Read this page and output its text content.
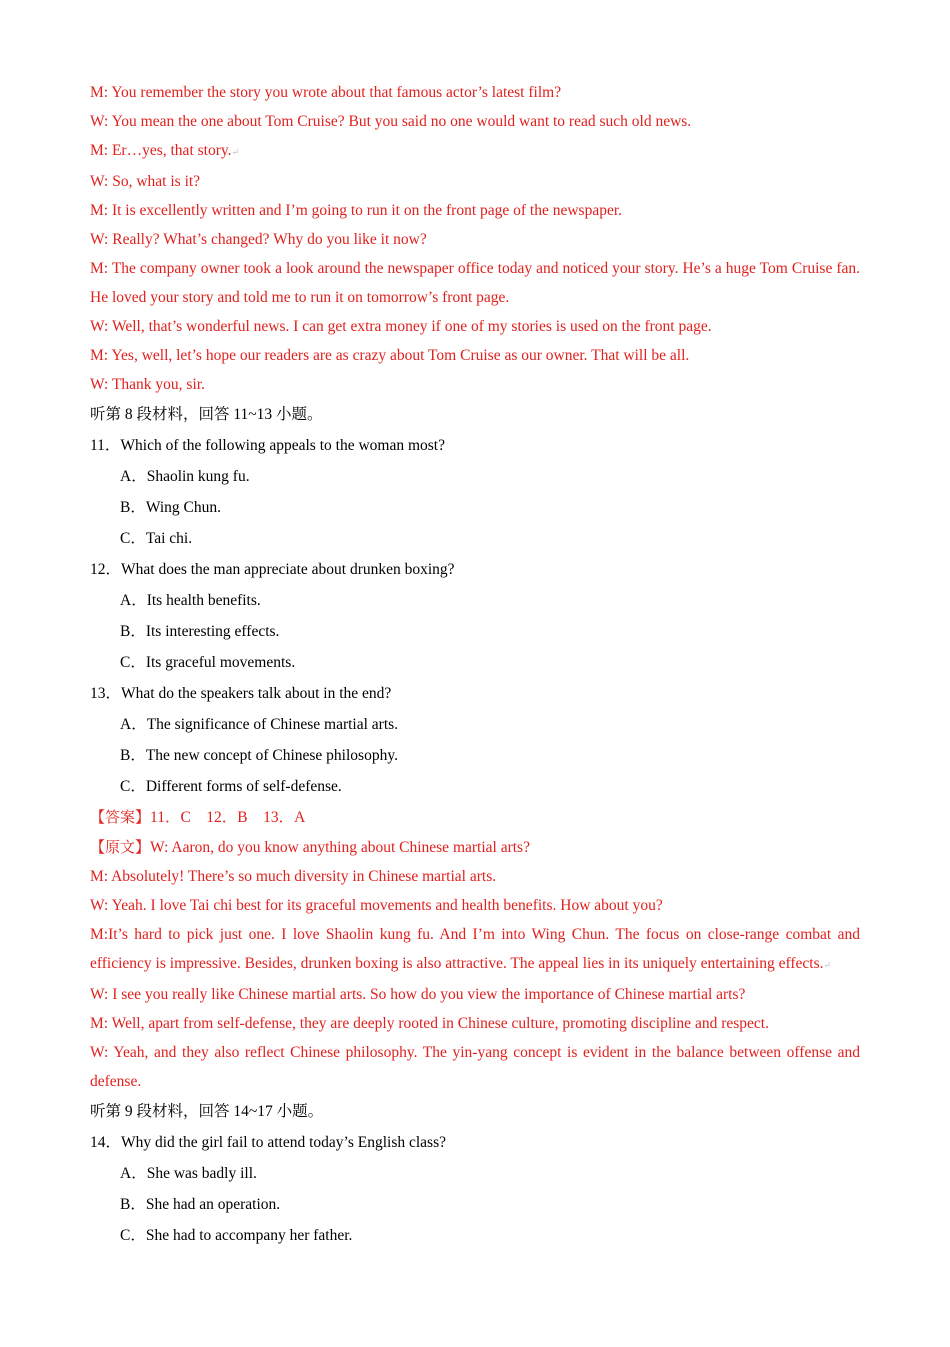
M: You remember the story you wrote about that famous actor’s latest film?

W: You mean the one about Tom Cruise? But you said no one would want to read such old news.

M: Er…yes, that story.↵

W: So, what is it?

M: It is excellently written and I’m going to run it on the front page of the newspaper.

W: Really? What’s changed? Why do you like it now?

M: The company owner took a look around the newspaper office today and noticed your story. He’s a huge Tom Cruise fan. He loved your story and told me to run it on tomorrow’s front page.

W: Well, that’s wonderful news. I can get extra money if one of my stories is used on the front page.

M: Yes, well, let’s hope our readers are as crazy about Tom Cruise as our owner. That will be all.

W: Thank you, sir.

听第 8 段材料，回答 11~13 小题。

11．Which of the following appeals to the woman most?

A．Shaolin kung fu.

B．Wing Chun.

C．Tai chi.

12．What does the man appreciate about drunken boxing?

A．Its health benefits.

B．Its interesting effects.

C．Its graceful movements.

13．What do the speakers talk about in the end?

A．The significance of Chinese martial arts.

B．The new concept of Chinese philosophy.

C．Different forms of self-defense.

【答案】11．C　12．B　13．A

【原文】W: Aaron, do you know anything about Chinese martial arts?

M: Absolutely! There’s so much diversity in Chinese martial arts.

W: Yeah. I love Tai chi best for its graceful movements and health benefits. How about you?

M:It’s hard to pick just one. I love Shaolin kung fu. And I’m into Wing Chun. The focus on close-range combat and efficiency is impressive. Besides, drunken boxing is also attractive. The appeal lies in its uniquely entertaining effects.↵

W: I see you really like Chinese martial arts. So how do you view the importance of Chinese martial arts?

M: Well, apart from self-defense, they are deeply rooted in Chinese culture, promoting discipline and respect.

W: Yeah, and they also reflect Chinese philosophy. The yin-yang concept is evident in the balance between offense and defense.

听第 9 段材料，回答 14~17 小题。

14．Why did the girl fail to attend today’s English class?

A．She was badly ill.

B．She had an operation.

C．She had to accompany her father.
